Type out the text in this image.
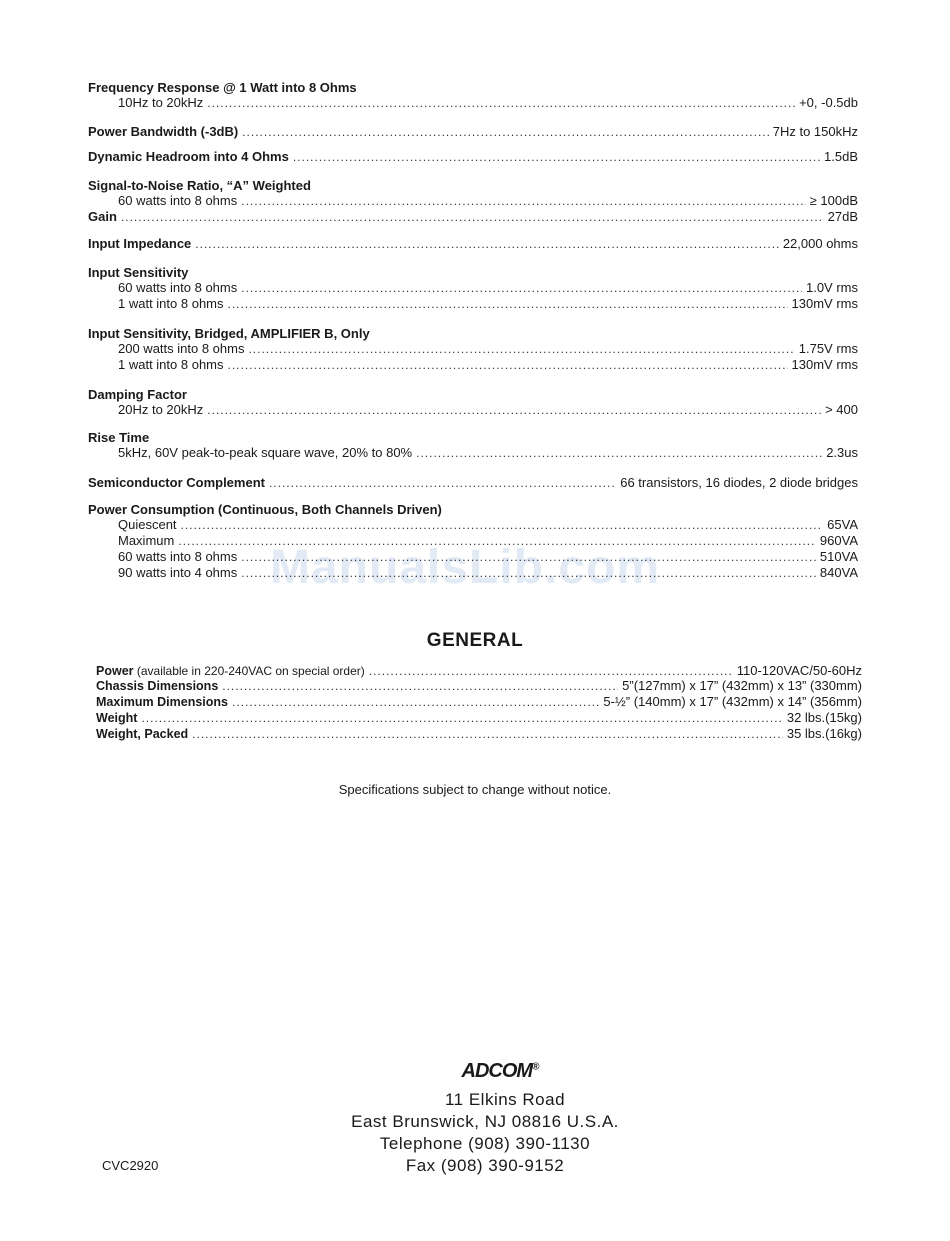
ManualsLib.com
Frequency Response @ 1 Watt into 8 Ohms
10Hz to 20kHz .....	+0, -0.5db
Power Bandwidth (-3dB) .....	7Hz to 150kHz
Dynamic Headroom into 4 Ohms .....	1.5dB
Signal-to-Noise Ratio, “A” Weighted
60 watts into 8 ohms .....	≥ 100dB
Gain .....	27dB
Input Impedance .....	22,000 ohms
Input Sensitivity
60 watts into 8 ohms .....	1.0V rms
1 watt into 8 ohms .....	130mV rms
Input Sensitivity, Bridged, AMPLIFIER B, Only
200 watts into 8 ohms .....	1.75V rms
1 watt into 8 ohms .....	130mV rms
Damping Factor
20Hz to 20kHz .....	> 400
Rise Time
5kHz, 60V peak-to-peak square wave, 20% to 80% .....	2.3us
Semiconductor Complement .....	66 transistors, 16 diodes, 2 diode bridges
Power Consumption (Continuous, Both Channels Driven)
Quiescent .....	65VA
Maximum .....	960VA
60 watts into 8 ohms .....	510VA
90 watts into 4 ohms .....	840VA
GENERAL
Power (available in 220-240VAC on special order) .....	110-120VAC/50-60Hz
Chassis Dimensions .....	5”(127mm) x 17” (432mm) x 13” (330mm)
Maximum Dimensions .....	5-½” (140mm) x 17” (432mm) x 14” (356mm)
Weight .....	32 lbs.(15kg)
Weight, Packed .....	35 lbs.(16kg)
Specifications subject to change without notice.
ADCOM®
11 Elkins Road
East Brunswick, NJ 08816 U.S.A.
Telephone (908) 390-1130
Fax (908) 390-9152
CVC2920
